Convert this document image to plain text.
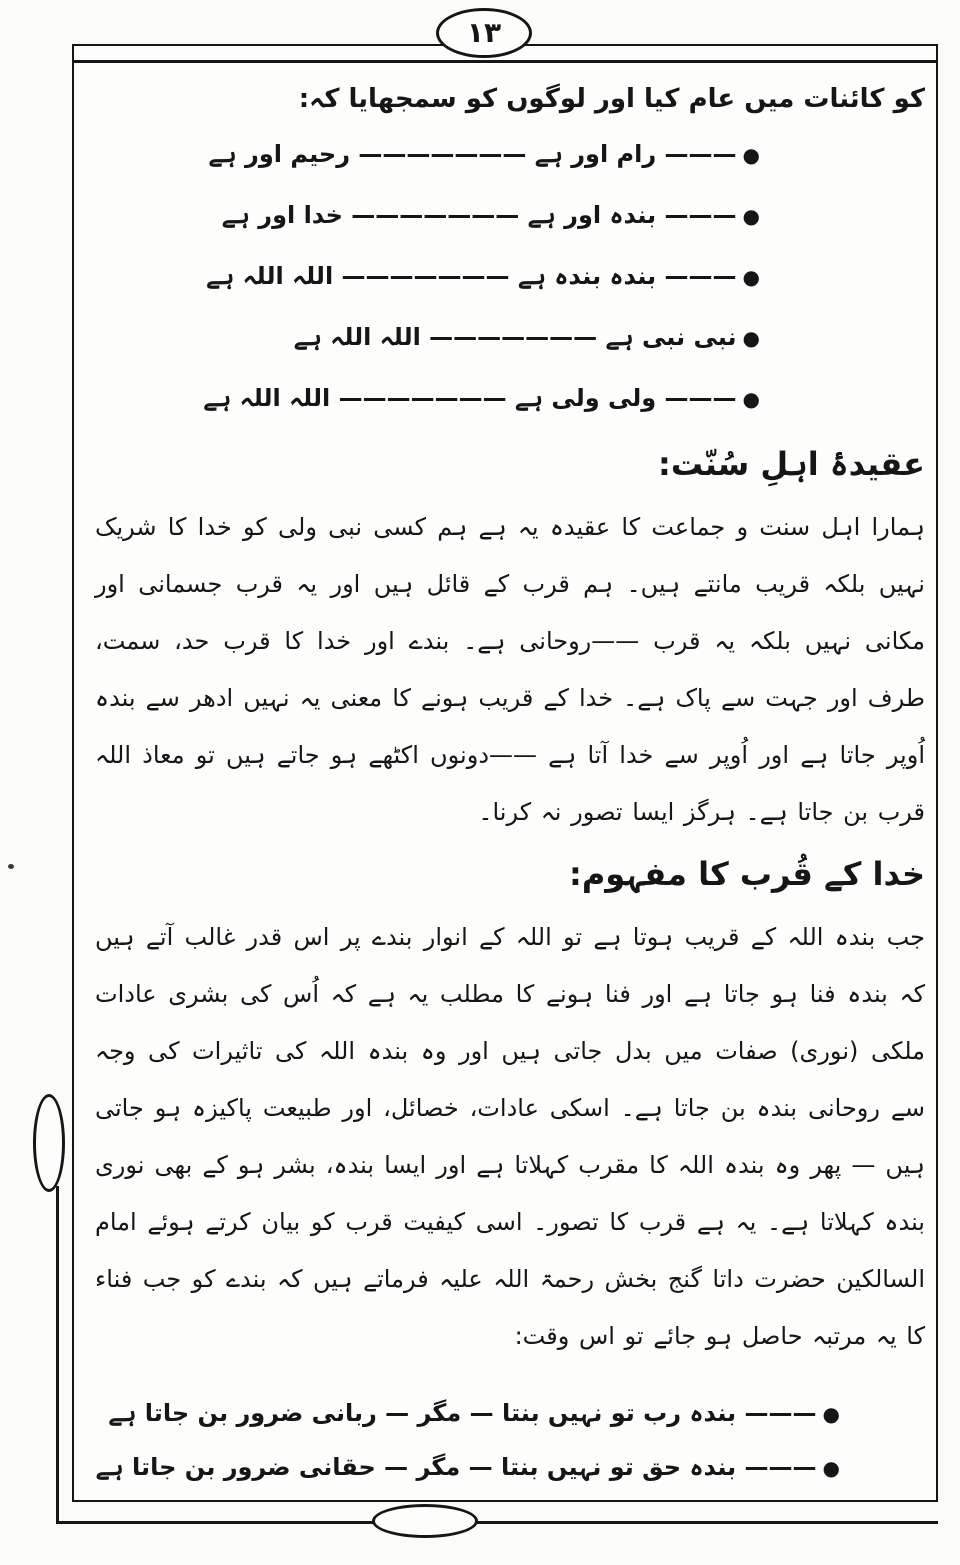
۱۳

کو کائنات میں عام کیا اور لوگوں کو سمجھایا کہ:

●——— رام اور ہے ——————— رحیم اور ہے
●——— بندہ اور ہے ——————— خدا اور ہے
●——— بندہ بندہ ہے ——————— اللہ اللہ ہے
●نبی نبی ہے ——————— اللہ اللہ ہے
●——— ولی ولی ہے ——————— اللہ اللہ ہے
عقیدۂ اہلِ سُنّت:

ہمارا اہل سنت و جماعت کا عقیدہ یہ ہے ہم کسی نبی ولی کو خدا کا شریک نہیں بلکہ قریب مانتے ہیں۔ ہم قرب کے قائل ہیں اور یہ قرب جسمانی اور مکانی نہیں بلکہ یہ قرب ——روحانی ہے۔ بندے اور خدا کا قرب حد، سمت، طرف اور جہت سے پاک ہے۔ خدا کے قریب ہونے کا معنی یہ نہیں ادھر سے بندہ اُوپر جاتا ہے اور اُوپر سے خدا آتا ہے ——دونوں اکٹھے ہو جاتے ہیں تو معاذ اللہ قرب بن جاتا ہے۔ ہرگز ایسا تصور نہ کرنا۔

خدا کے قُرب کا مفہوم:

جب بندہ اللہ کے قریب ہوتا ہے تو اللہ کے انوار بندے پر اس قدر غالب آتے ہیں کہ بندہ فنا ہو جاتا ہے اور فنا ہونے کا مطلب یہ ہے کہ اُس کی بشری عادات ملکی (نوری) صفات میں بدل جاتی ہیں اور وہ بندہ اللہ کی تاثیرات کی وجہ سے روحانی بندہ بن جاتا ہے۔ اسکی عادات، خصائل، اور طبیعت پاکیزہ ہو جاتی ہیں — پھر وہ بندہ اللہ کا مقرب کہلاتا ہے اور ایسا بندہ، بشر ہو کے بھی نوری بندہ کہلاتا ہے۔ یہ ہے قرب کا تصور۔ اسی کیفیت قرب کو بیان کرتے ہوئے امام السالکین حضرت داتا گنج بخش رحمۃ اللہ علیہ فرماتے ہیں کہ بندے کو جب فناء کا یہ مرتبہ حاصل ہو جائے تو اس وقت:

●——— بندہ رب تو نہیں بنتا — مگر — ربانی ضرور بن جاتا ہے
●——— بندہ حق تو نہیں بنتا — مگر — حقانی ضرور بن جاتا ہے
